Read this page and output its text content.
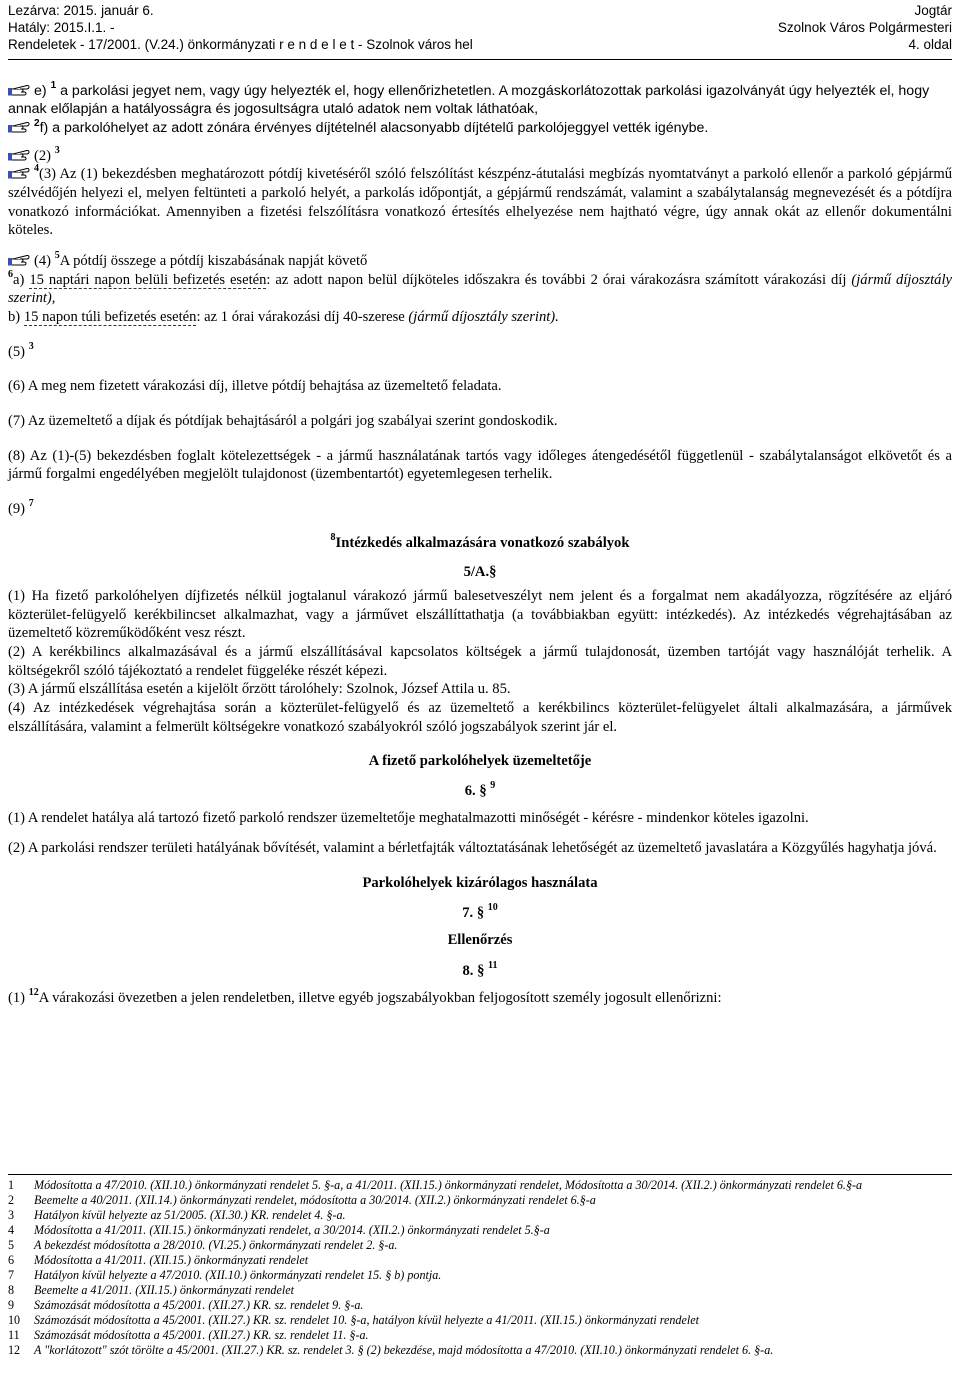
Lezárva: 2015. január 6.
Hatály: 2015.I.1. -
Rendeletek - 17/2001. (V.24.) önkormányzati r e n d e l e t - Szolnok város hel
Jogtár
Szolnok Város Polgármesteri
4. oldal

e) $^1$ a parkolási jegyet nem, vagy úgy helyezték el, hogy ellenőrizhetetlen. A mozgáskorlátozottak parkolási igazolványát úgy helyezték el, hogy annak előlapján a hatályosságra és jogosultságra utaló adatok nem voltak láthatóak,

$^2$f) a parkolóhelyet az adott zónára érvényes díjtételnél alacsonyabb díjtételű parkolójeggyel vették igénybe.

(2) $^3$

$^4$(3) Az (1) bekezdésben meghatározott pótdíj kivetéséről szóló felszólítást készpénz-átutalási megbízás nyomtatványt a parkoló ellenőr a parkoló gépjármű szélvédőjén helyezi el, melyen feltünteti a parkoló helyét, a parkolás időpontját, a gépjármű rendszámát, valamint a szabálytalanság megnevezését és a pótdíjra vonatkozó információkat. Amennyiben a fizetési felszólításra vonatkozó értesítés elhelyezése nem hajtható végre, úgy annak okát az ellenőr dokumentálni köteles.

(4) $^5$A pótdíj összege a pótdíj kiszabásának napját követő

$^6$a) 15 naptári napon belüli befizetés esetén: az adott napon belül díjköteles időszakra és további 2 órai várakozásra számított várakozási díj (jármű díjosztály szerint),

b) 15 napon túli befizetés esetén: az 1 órai várakozási díj 40-szerese (jármű díjosztály szerint).

(5) $^3$

(6) A meg nem fizetett várakozási díj, illetve pótdíj behajtása az üzemeltető feladata.

(7) Az üzemeltető a díjak és pótdíjak behajtásáról a polgári jog szabályai szerint gondoskodik.

(8) Az (1)-(5) bekezdésben foglalt kötelezettségek - a jármű használatának tartós vagy időleges átengedésétől függetlenül - szabálytalanságot elkövetőt és a jármű forgalmi engedélyében megjelölt tulajdonost (üzembentartót) egyetemlegesen terhelik.

(9) $^7$

$^8$Intézkedés alkalmazására vonatkozó szabályok

5/A.§

(1) Ha fizető parkolóhelyen díjfizetés nélkül jogtalanul várakozó jármű balesetveszélyt nem jelent és a forgalmat nem akadályozza, rögzítésére az eljáró közterület-felügyelő kerékbilincset alkalmazhat, vagy a járművet elszállíttathatja (a továbbiakban együtt: intézkedés). Az intézkedés végrehajtásában az üzemeltető közreműködőként vesz részt.

(2) A kerékbilincs alkalmazásával és a jármű elszállításával kapcsolatos költségek a jármű tulajdonosát, üzemben tartóját vagy használóját terhelik. A költségekről szóló tájékoztató a rendelet függeléke részét képezi.

(3) A jármű elszállítása esetén a kijelölt őrzött tárolóhely: Szolnok, József Attila u. 85.

(4) Az intézkedések végrehajtása során a közterület-felügyelő és az üzemeltető a kerékbilincs közterület-felügyelet általi alkalmazására, a járművek elszállítására, valamint a felmerült költségekre vonatkozó szabályokról szóló jogszabályok szerint jár el.

A fizető parkolóhelyek üzemeltetője

6. § $^9$

(1) A rendelet hatálya alá tartozó fizető parkoló rendszer üzemeltetője meghatalmazotti minőségét - kérésre - mindenkor köteles igazolni.

(2) A parkolási rendszer területi hatályának bővítését, valamint a bérletfajták változtatásának lehetőségét az üzemeltető javaslatára a Közgyűlés hagyhatja jóvá.

Parkolóhelyek kizárólagos használata

7. § $^{10}$

Ellenőrzés

8. § $^{11}$

(1) $^{12}$A várakozási övezetben a jelen rendeletben, illetve egyéb jogszabályokban feljogosított személy jogosult ellenőrizni:

1	Módosította a 47/2010. (XII.10.) önkormányzati rendelet 5. §-a, a 41/2011. (XII.15.) önkormányzati rendelet, Módosította a 30/2014. (XII.2.) önkormányzati rendelet 6.§-a
2	Beemelte a 40/2011. (XII.14.) önkormányzati rendelet, módosította a 30/2014. (XII.2.) önkormányzati rendelet 6.§-a
3	Hatályon kívül helyezte az 51/2005. (XI.30.) KR. rendelet 4. §-a.
4	Módosította a 41/2011. (XII.15.) önkormányzati rendelet, a 30/2014. (XII.2.) önkormányzati rendelet 5.§-a
5	A bekezdést módosította a 28/2010. (VI.25.) önkormányzati rendelet 2. §-a.
6	Módosította a 41/2011. (XII.15.) önkormányzati rendelet
7	Hatályon kívül helyezte a 47/2010. (XII.10.) önkormányzati rendelet 15. § b) pontja.
8	Beemelte a 41/2011. (XII.15.) önkormányzati rendelet
9	Számozását módosította a 45/2001. (XII.27.) KR. sz. rendelet 9. §-a.
10	Számozását módosította a 45/2001. (XII.27.) KR. sz. rendelet 10. §-a, hatályon kívül helyezte a 41/2011. (XII.15.) önkormányzati rendelet
11	Számozását módosította a 45/2001. (XII.27.) KR. sz. rendelet 11. §-a.
12	A "korlátozott" szót törölte a 45/2001. (XII.27.) KR. sz. rendelet 3. § (2) bekezdése, majd módosította a 47/2010. (XII.10.) önkormányzati rendelet 6. §-a.
